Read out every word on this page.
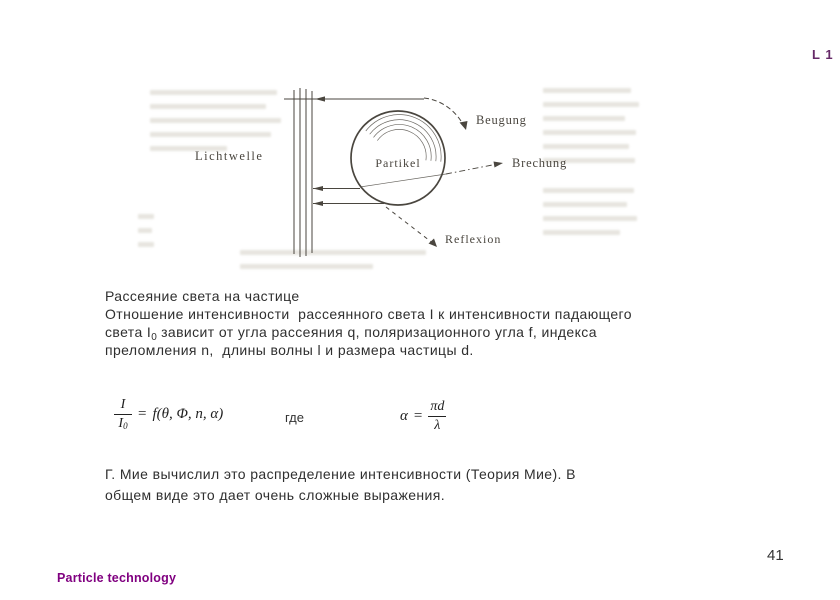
L 1
Lichtwelle
Beugung
Partikel	Brechung
Reflexion
Рассеяние света на частице
Отношение интенсивности  рассеянного света I к интенсивности падающего
света $I_0$ зависит от угла рассеяния q, поляризационного угла f, индекса
преломления n,  длины волны l и размера частицы d.
$\frac{I}{I_0} = f(\theta$, Φ, n, α)	где	$\alpha = \frac{\pi d}{\lambda}$
Г. Мие вычислил это распределение интенсивности (Теория Мие). В
общем виде это дает очень сложные выражения.
41
Particle technology
